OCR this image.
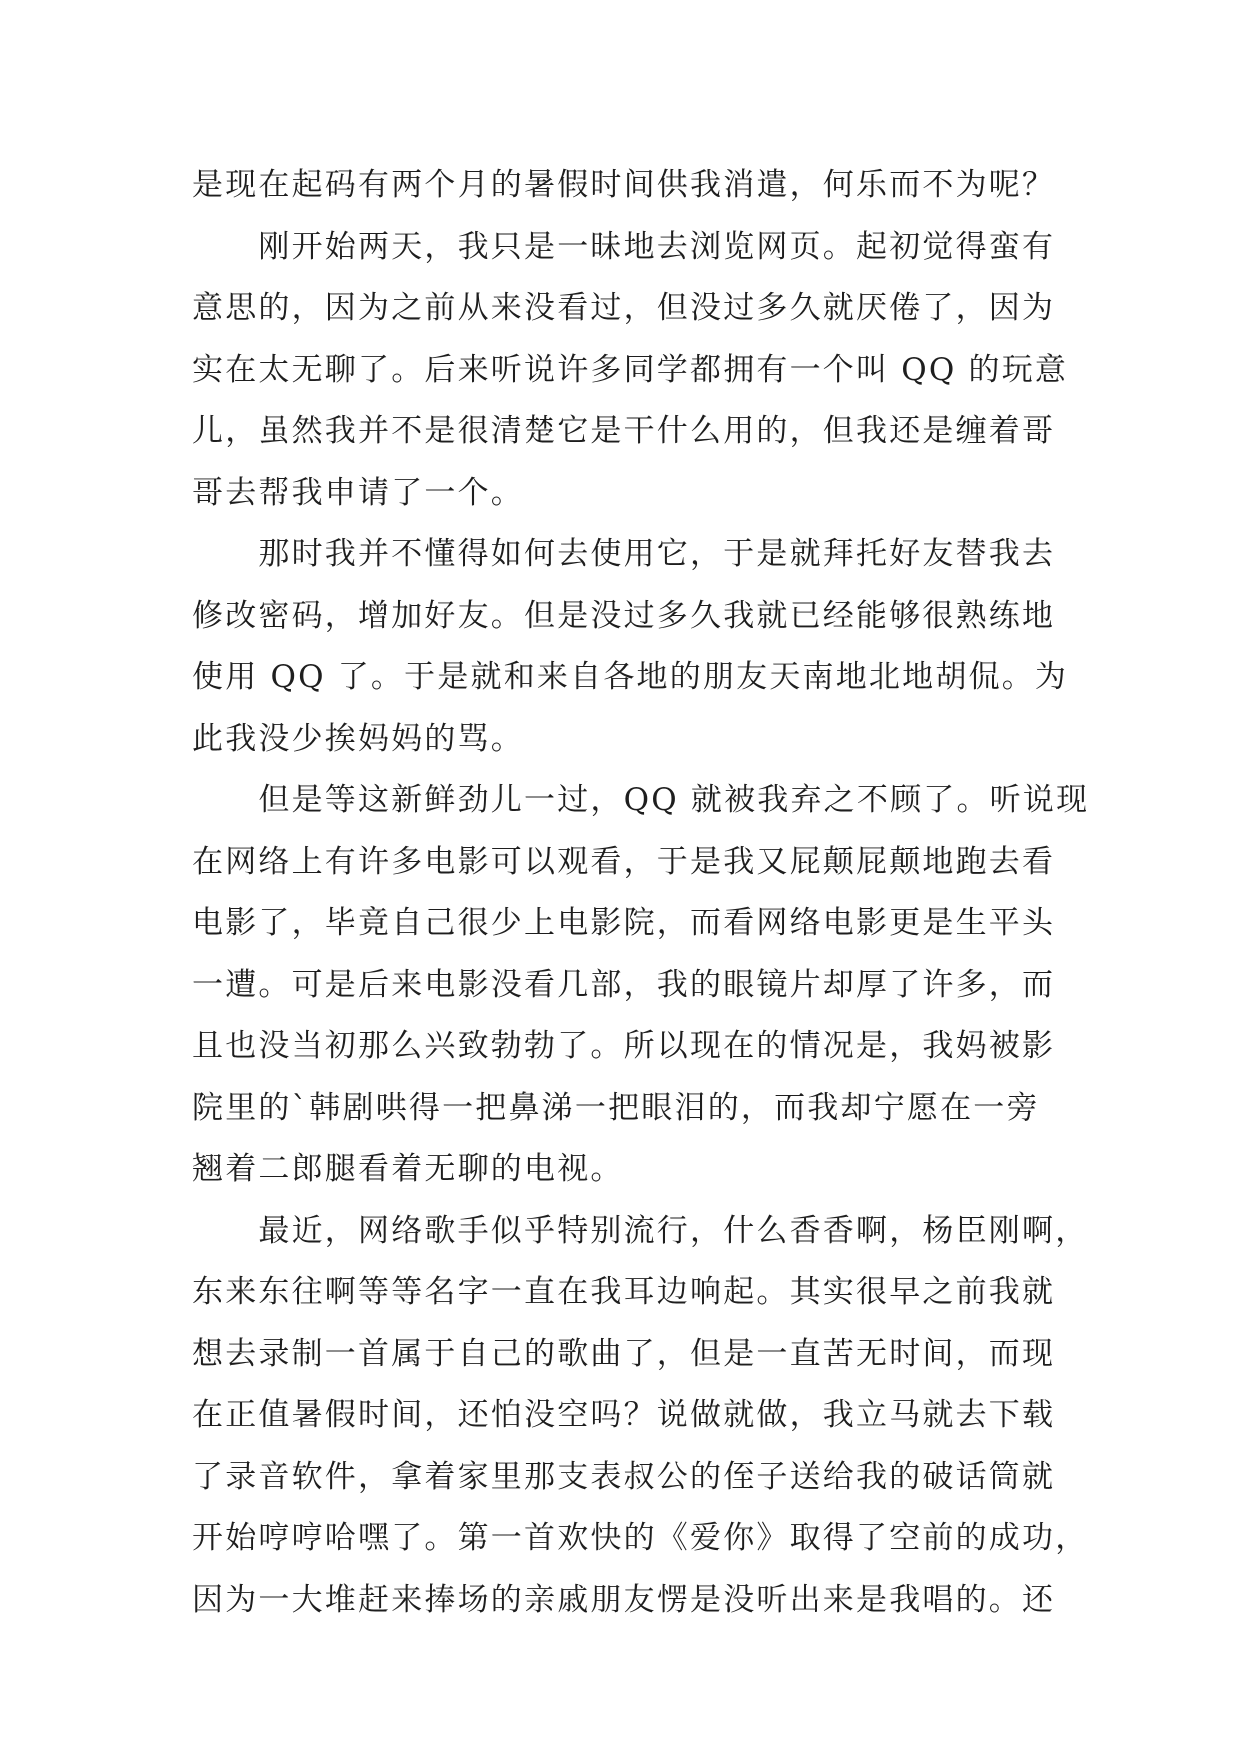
是现在起码有两个月的暑假时间供我消遣，何乐而不为呢？
　　刚开始两天，我只是一昧地去浏览网页。起初觉得蛮有
意思的，因为之前从来没看过，但没过多久就厌倦了，因为
实在太无聊了。后来听说许多同学都拥有一个叫 QQ 的玩意
儿，虽然我并不是很清楚它是干什么用的，但我还是缠着哥
哥去帮我申请了一个。
　　那时我并不懂得如何去使用它，于是就拜托好友替我去
修改密码，增加好友。但是没过多久我就已经能够很熟练地
使用 QQ 了。于是就和来自各地的朋友天南地北地胡侃。为
此我没少挨妈妈的骂。
　　但是等这新鲜劲儿一过，QQ 就被我弃之不顾了。听说现
在网络上有许多电影可以观看，于是我又屁颠屁颠地跑去看
电影了，毕竟自己很少上电影院，而看网络电影更是生平头
一遭。可是后来电影没看几部，我的眼镜片却厚了许多，而
且也没当初那么兴致勃勃了。所以现在的情况是，我妈被影
院里的`韩剧哄得一把鼻涕一把眼泪的，而我却宁愿在一旁
翘着二郎腿看着无聊的电视。
　　最近，网络歌手似乎特别流行，什么香香啊，杨臣刚啊，
东来东往啊等等名字一直在我耳边响起。其实很早之前我就
想去录制一首属于自己的歌曲了，但是一直苦无时间，而现
在正值暑假时间，还怕没空吗？说做就做，我立马就去下载
了录音软件，拿着家里那支表叔公的侄子送给我的破话筒就
开始哼哼哈嘿了。第一首欢快的《爱你》取得了空前的成功，
因为一大堆赶来捧场的亲戚朋友愣是没听出来是我唱的。还
